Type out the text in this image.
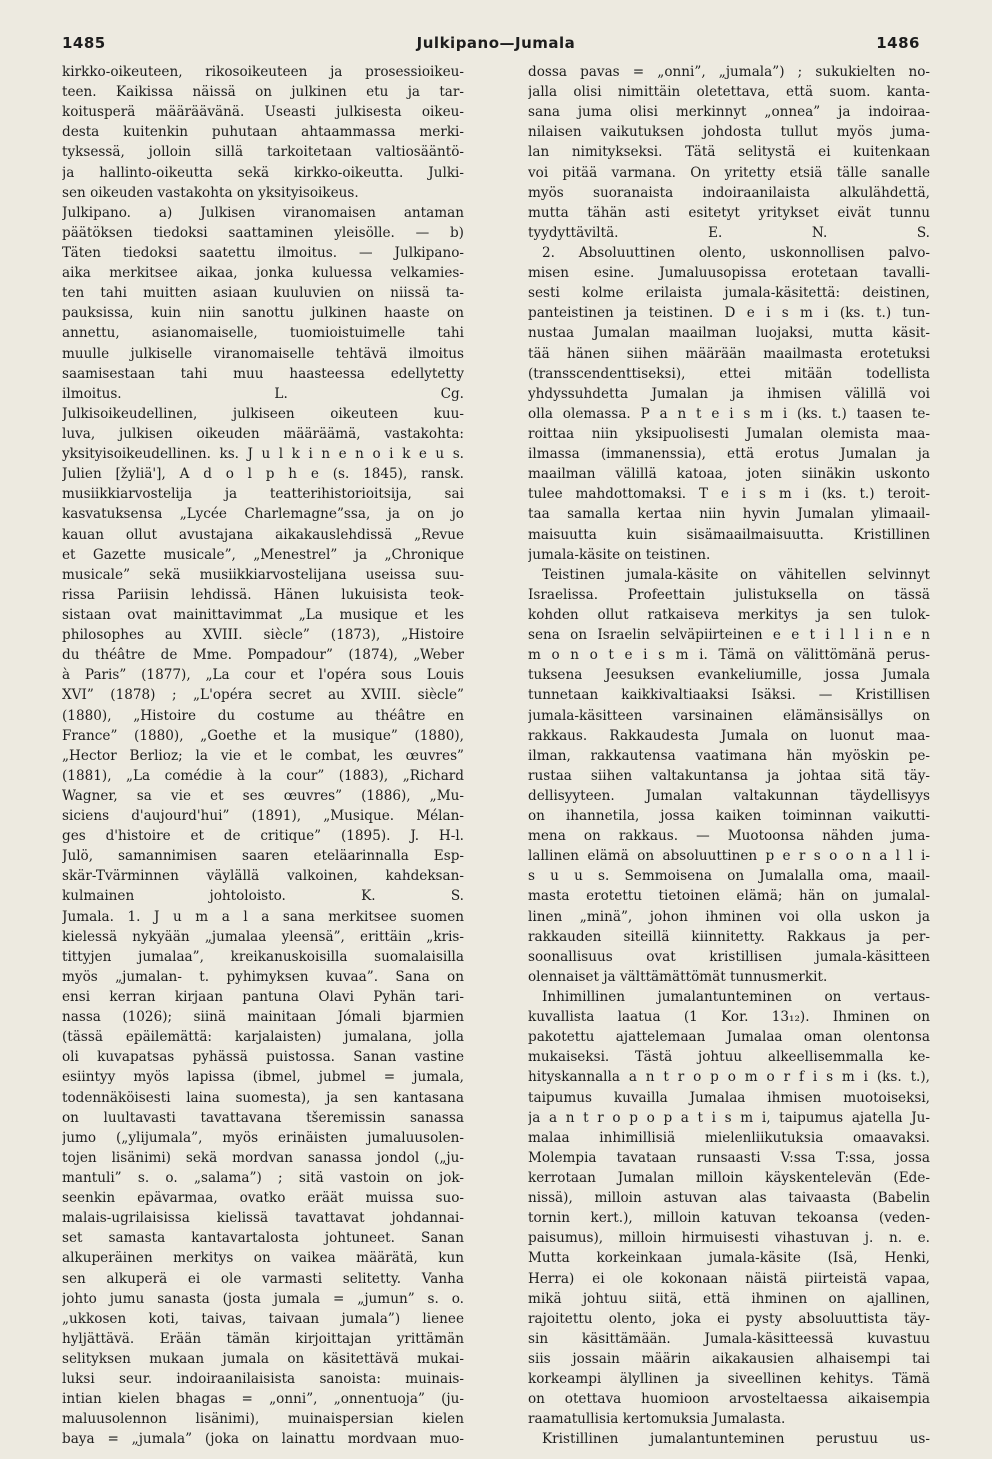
Julkipano—Jumala
1485	1486
kirkko-oikeuteen, rikosoikeuteen ja prosessioikeu-
teen. Kaikissa näissä on julkinen etu ja tar-
koitusperä määräävänä. Useasti julkisesta oikeu-
desta kuitenkin puhutaan ahtaammassa merki-
tyksessä, jolloin sillä tarkoitetaan valtiosääntö-
ja hallinto-oikeutta sekä kirkko-oikeutta. Julki-
sen oikeuden vastakohta on yksityisoikeus.
Julkipano. a) Julkisen viranomaisen antaman
päätöksen tiedoksi saattaminen yleisölle. — b)
Täten tiedoksi saatettu ilmoitus. — Julkipano-
aika merkitsee aikaa, jonka kuluessa velkamies-
ten tahi muitten asiaan kuuluvien on niissä ta-
pauksissa, kuin niin sanottu julkinen haaste on
annettu, asianomaiselle, tuomioistuimelle tahi
muulle julkiselle viranomaiselle tehtävä ilmoitus
saamisestaan tahi muu haasteessa edellytetty
ilmoitus. L. Cg.
Julkisoikeudellinen, julkiseen oikeuteen kuu-
luva, julkisen oikeuden määräämä, vastakohta:
yksityisoikeudellinen. ks. J u l k i n e n o i k e u s.
Julien [žyliä'], A d o l p h e (s. 1845), ransk.
musiikkiarvostelija ja teatterihistorioitsija, sai
kasvatuksensa „Lycée Charlemagne”ssa, ja on jo
kauan ollut avustajana aikakauslehdissä „Revue
et Gazette musicale”, „Menestrel” ja „Chronique
musicale” sekä musiikkiarvostelijana useissa suu-
rissa Pariisin lehdissä. Hänen lukuisista teok-
sistaan ovat mainittavimmat „La musique et les
philosophes au XVIII. siècle” (1873), „Histoire
du théâtre de Mme. Pompadour” (1874), „Weber
à Paris” (1877), „La cour et l'opéra sous Louis
XVI” (1878) ; „L'opéra secret au XVIII. siècle”
(1880), „Histoire du costume au théâtre en
France” (1880), „Goethe et la musique” (1880),
„Hector Berlioz; la vie et le combat, les œuvres”
(1881), „La comédie à la cour” (1883), „Richard
Wagner, sa vie et ses œuvres” (1886), „Mu-
siciens d'aujourd'hui” (1891), „Musique. Mélan-
ges d'histoire et de critique” (1895). J. H-l.
Julö, samannimisen saaren eteläarinnalla Esp-
skär-Tvärminnen väylällä valkoinen, kahdeksan-
kulmainen johtoloisto. K. S.
Jumala. 1. J u m a l a sana merkitsee suomen
kielessä nykyään „jumalaa yleensä”, erittäin „kris-
tittyjen jumalaa”, kreikanuskoisilla suomalaisilla
myös „jumalan- t. pyhimyksen kuvaa”. Sana on
ensi kerran kirjaan pantuna Olavi Pyhän tari-
nassa (1026); siinä mainitaan Jómali bjarmien
(tässä epäilemättä: karjalaisten) jumalana, jolla
oli kuvapatsas pyhässä puistossa. Sanan vastine
esiintyy myös lapissa (ibmel, jubmel = jumala,
todennäköisesti laina suomesta), ja sen kantasana
on luultavasti tavattavana tšeremissin sanassa
jumo („ylijumala”, myös erinäisten jumaluusolen-
tojen lisänimi) sekä mordvan sanassa jondol („ju-
mantuli” s. o. „salama”) ; sitä vastoin on jok-
seenkin epävarmaa, ovatko eräät muissa suo-
malais-ugrilaisissa kielissä tavattavat johdannai-
set samasta kantavartalosta johtuneet. Sanan
alkuperäinen merkitys on vaikea määrätä, kun
sen alkuperä ei ole varmasti selitetty. Vanha
johto jumu sanasta (josta jumala = „jumun” s. o.
„ukkosen koti, taivas, taivaan jumala”) lienee
hyljättävä. Erään tämän kirjoittajan yrittämän
selityksen mukaan jumala on käsitettävä mukai-
luksi seur. indoiraanilaisista sanoista: muinais-
intian kielen bhagas = „onni”, „onnentuoja” (ju-
maluusolennon lisänimi), muinaispersian kielen
baya = „jumala” (joka on lainattu mordvaan muo-
dossa pavas = „onni”, „jumala”) ; sukukielten no-
jalla olisi nimittäin oletettava, että suom. kanta-
sana juma olisi merkinnyt „onnea” ja indoiraa-
nilaisen vaikutuksen johdosta tullut myös juma-
lan nimitykseksi. Tätä selitystä ei kuitenkaan
voi pitää varmana. On yritetty etsiä tälle sanalle
myös suoranaista indoiraanilaista alkulähdettä,
mutta tähän asti esitetyt yritykset eivät tunnu
tyydyttäviltä. E. N. S.
2. Absoluuttinen olento, uskonnollisen palvo-
misen esine. Jumaluusopissa erotetaan tavalli-
sesti kolme erilaista jumala-käsitettä: deistinen,
panteistinen ja teistinen. D e i s m i (ks. t.) tun-
nustaa Jumalan maailman luojaksi, mutta käsit-
tää hänen siihen määrään maailmasta erotetuksi
(transscendenttiseksi), ettei mitään todellista
yhdyssuhdetta Jumalan ja ihmisen välillä voi
olla olemassa. P a n t e i s m i (ks. t.) taasen te-
roittaa niin yksipuolisesti Jumalan olemista maa-
ilmassa (immanenssia), että erotus Jumalan ja
maailman välillä katoaa, joten siinäkin uskonto
tulee mahdottomaksi. T e i s m i (ks. t.) teroit-
taa samalla kertaa niin hyvin Jumalan ylimaail-
maisuutta kuin sisämaailmaisuutta. Kristillinen
jumala-käsite on teistinen.
Teistinen jumala-käsite on vähitellen selvinnyt
Israelissa. Profeettain julistuksella on tässä
kohden ollut ratkaiseva merkitys ja sen tulok-
sena on Israelin selväpiirteinen e e t i l l i n e n
m o n o t e i s m i. Tämä on välittömänä perus-
tuksena Jeesuksen evankeliumille, jossa Jumala
tunnetaan kaikkivaltiaaksi Isäksi. — Kristillisen
jumala-käsitteen varsinainen elämänsisällys on
rakkaus. Rakkaudesta Jumala on luonut maa-
ilman, rakkautensa vaatimana hän myöskin pe-
rustaa siihen valtakuntansa ja johtaa sitä täy-
dellisyyteen. Jumalan valtakunnan täydellisyys
on ihannetila, jossa kaiken toiminnan vaikutti-
mena on rakkaus. — Muotoonsa nähden juma-
lallinen elämä on absoluuttinen p e r s o o n a l l i-
s u u s. Semmoisena on Jumalalla oma, maail-
masta erotettu tietoinen elämä; hän on jumalal-
linen „minä”, johon ihminen voi olla uskon ja
rakkauden siteillä kiinnitetty. Rakkaus ja per-
soonallisuus ovat kristillisen jumala-käsitteen
olennaiset ja välttämättömät tunnusmerkit.
Inhimillinen jumalantunteminen on vertaus-
kuvallista laatua (1 Kor. 13₁₂). Ihminen on
pakotettu ajattelemaan Jumalaa oman olentonsa
mukaiseksi. Tästä johtuu alkeellisemmalla ke-
hityskannalla a n t r o p o m o r f i s m i (ks. t.),
taipumus kuvailla Jumalaa ihmisen muotoiseksi,
ja a n t r o p o p a t i s m i, taipumus ajatella Ju-
malaa inhimillisiä mielenliikutuksia omaavaksi.
Molempia tavataan runsaasti V:ssa T:ssa, jossa
kerrotaan Jumalan milloin käyskentelevän (Ede-
nissä), milloin astuvan alas taivaasta (Babelin
tornin kert.), milloin katuvan tekoansa (veden-
paisumus), milloin hirmuisesti vihastuvan j. n. e.
Mutta korkeinkaan jumala-käsite (Isä, Henki,
Herra) ei ole kokonaan näistä piirteistä vapaa,
mikä johtuu siitä, että ihminen on ajallinen,
rajoitettu olento, joka ei pysty absoluuttista täy-
sin käsittämään. Jumala-käsitteessä kuvastuu
siis jossain määrin aikakausien alhaisempi tai
korkeampi älyllinen ja siveellinen kehitys. Tämä
on otettava huomioon arvosteltaessa aikaisempia
raamatullisia kertomuksia Jumalasta.
Kristillinen jumalantunteminen perustuu us-
